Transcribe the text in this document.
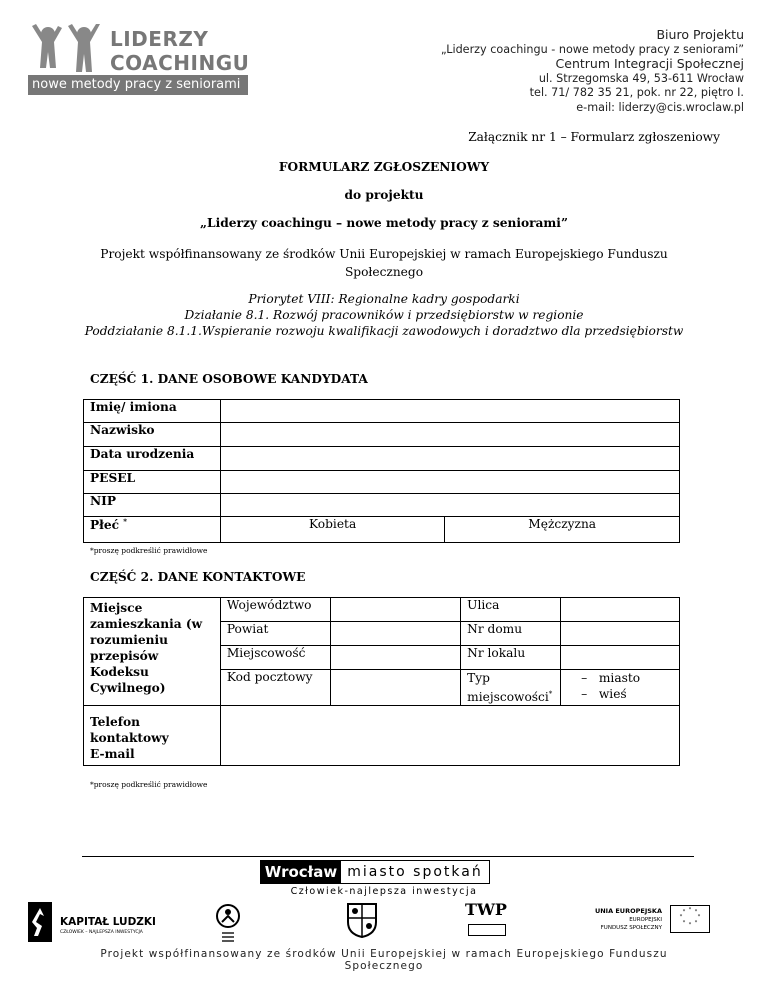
LIDERZY
COACHINGU
nowe metody pracy z seniorami
Biuro Projektu
„Liderzy coachingu - nowe metody pracy z seniorami”
Centrum Integracji Społecznej
ul. Strzegomska 49, 53-611 Wrocław
tel. 71/ 782 35 21, pok. nr 22, piętro I.
e-mail: liderzy@cis.wroclaw.pl
Załącznik nr 1 – Formularz zgłoszeniowy
FORMULARZ ZGŁOSZENIOWY
do projektu
„Liderzy coachingu – nowe metody pracy z seniorami”
Projekt współfinansowany ze środków Unii Europejskiej w ramach Europejskiego Funduszu Społecznego
Priorytet VIII: Regionalne kadry gospodarki
Działanie 8.1. Rozwój pracowników i przedsiębiorstw w regionie
Poddziałanie 8.1.1.Wspieranie rozwoju kwalifikacji zawodowych i doradztwo dla przedsiębiorstw
CZĘŚĆ 1. DANE OSOBOWE KANDYDATA
Imię/ imiona		
Nazwisko		
Data urodzenia		
PESEL		
NIP		
Płeć *	Kobieta	Mężczyzna
*proszę podkreślić prawidłowe
CZĘŚĆ 2. DANE KONTAKTOWE
Miejsce zamieszkania (w rozumieniu przepisów Kodeksu Cywilnego)	Województwo		Ulica	
	Powiat		Nr domu	
	Miejscowość		Nr lokalu	
	Kod pocztowy		Typ miejscowości*	–   miasto
–   wieś

Telefon kontaktowy
E-mail				

*proszę podkreślić prawidłowe
Wrocław miasto spotkań
Człowiek-najlepsza inwestycja
KAPITAŁ LUDZKI
CZŁOWIEK – NAJLEPSZA INWESTYCJA
TWP	UNIA EUROPEJSKA
EUROPEJSKI
FUNDUSZ SPOŁECZNY
* *
*
*
*
*
*
*
Projekt współfinansowany ze środków Unii Europejskiej w ramach Europejskiego Funduszu Społecznego
